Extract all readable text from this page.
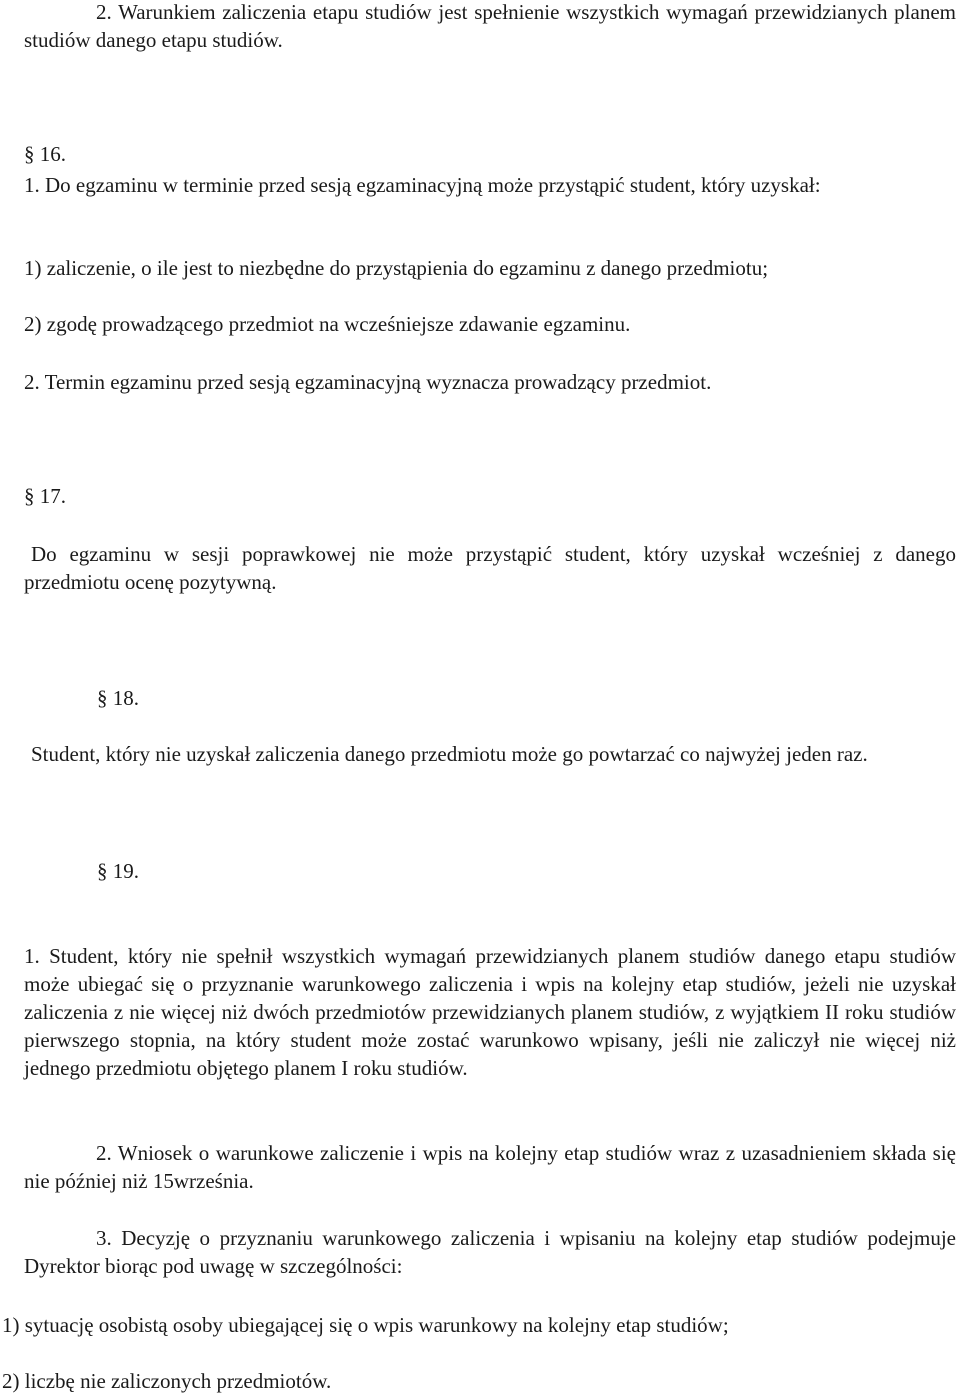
2. Warunkiem zaliczenia etapu studiów jest spełnienie wszystkich wymagań przewidzianych planem studiów danego etapu studiów.

§ 16.

1. Do egzaminu w terminie przed sesją egzaminacyjną może przystąpić student, który uzyskał:

1) zaliczenie, o ile jest to niezbędne do przystąpienia do egzaminu z danego przedmiotu;

2) zgodę prowadzącego przedmiot na wcześniejsze zdawanie egzaminu.

2. Termin egzaminu przed sesją egzaminacyjną wyznacza prowadzący przedmiot.

§ 17.

Do egzaminu w sesji poprawkowej nie może przystąpić student, który uzyskał wcześniej z danego przedmiotu ocenę pozytywną.

§ 18.

Student, który nie uzyskał zaliczenia danego przedmiotu może go powtarzać co najwyżej jeden raz.

§ 19.

1. Student, który nie spełnił wszystkich wymagań przewidzianych planem studiów danego etapu studiów może ubiegać się o przyznanie warunkowego zaliczenia i wpis na kolejny etap studiów, jeżeli nie uzyskał zaliczenia z nie więcej niż dwóch przedmiotów przewidzianych planem studiów, z wyjątkiem II roku studiów pierwszego stopnia, na który student może zostać warunkowo wpisany, jeśli nie zaliczył nie więcej niż jednego przedmiotu objętego planem I roku studiów.

2. Wniosek o warunkowe zaliczenie i wpis na kolejny etap studiów wraz z uzasadnieniem składa się nie później niż 15września.

3. Decyzję o przyznaniu warunkowego zaliczenia i wpisaniu na kolejny etap studiów podejmuje Dyrektor biorąc pod uwagę w szczególności:

1) sytuację osobistą osoby ubiegającej się o wpis warunkowy na kolejny etap studiów;

2) liczbę nie zaliczonych przedmiotów.
